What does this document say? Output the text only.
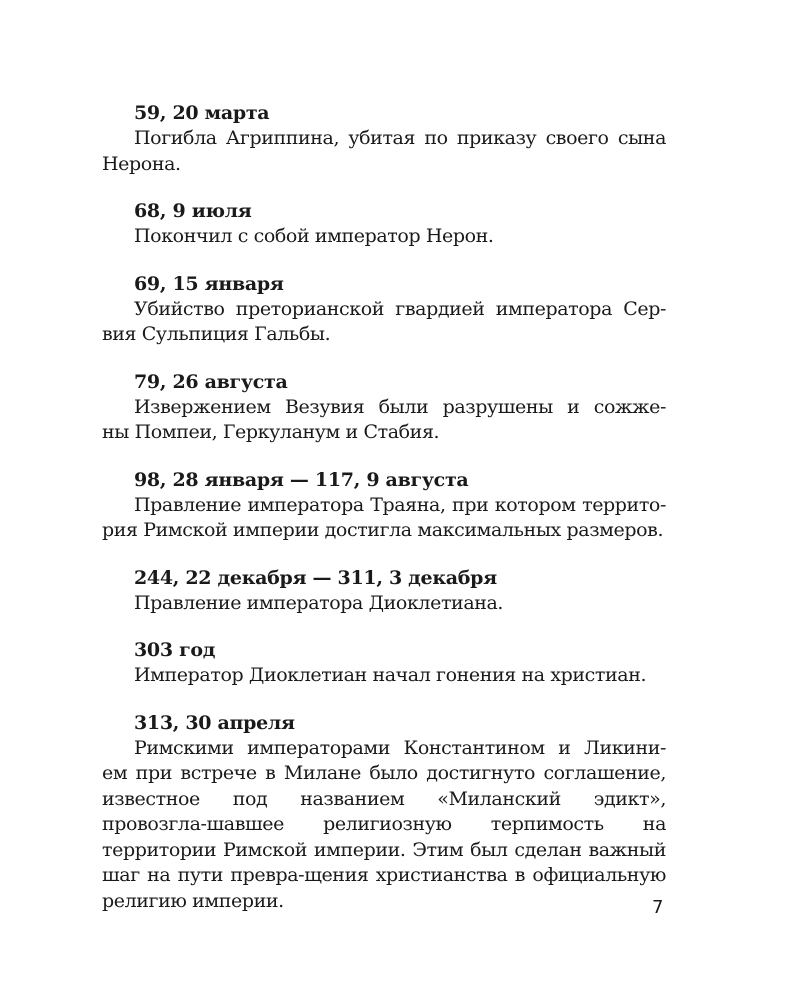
59, 20 марта
Погибла Агриппина, убитая по приказу своего сына
Нерона.
68, 9 июля
Покончил с собой император Нерон.
69, 15 января
Убийство преторианской гвардией императора Сер-
вия Сульпиция Гальбы.
79, 26 августа
Извержением Везувия были разрушены и сожже-
ны Помпеи, Геркуланум и Стабия.
98, 28 января — 117, 9 августа
Правление императора Траяна, при котором террито-
рия Римской империи достигла максимальных размеров.
244, 22 декабря — 311, 3 декабря
Правление императора Диоклетиана.
303 год
Император Диоклетиан начал гонения на христиан.
313, 30 апреля
Римскими императорами Константином и Ликини-
ем при встрече в Милане было достигнуто соглашение, известное под названием «Миланский эдикт», провозгла-шавшее религиозную терпимость на территории Римской империи. Этим был сделан важный шаг на пути превра-щения христианства в официальную религию империи.	7
